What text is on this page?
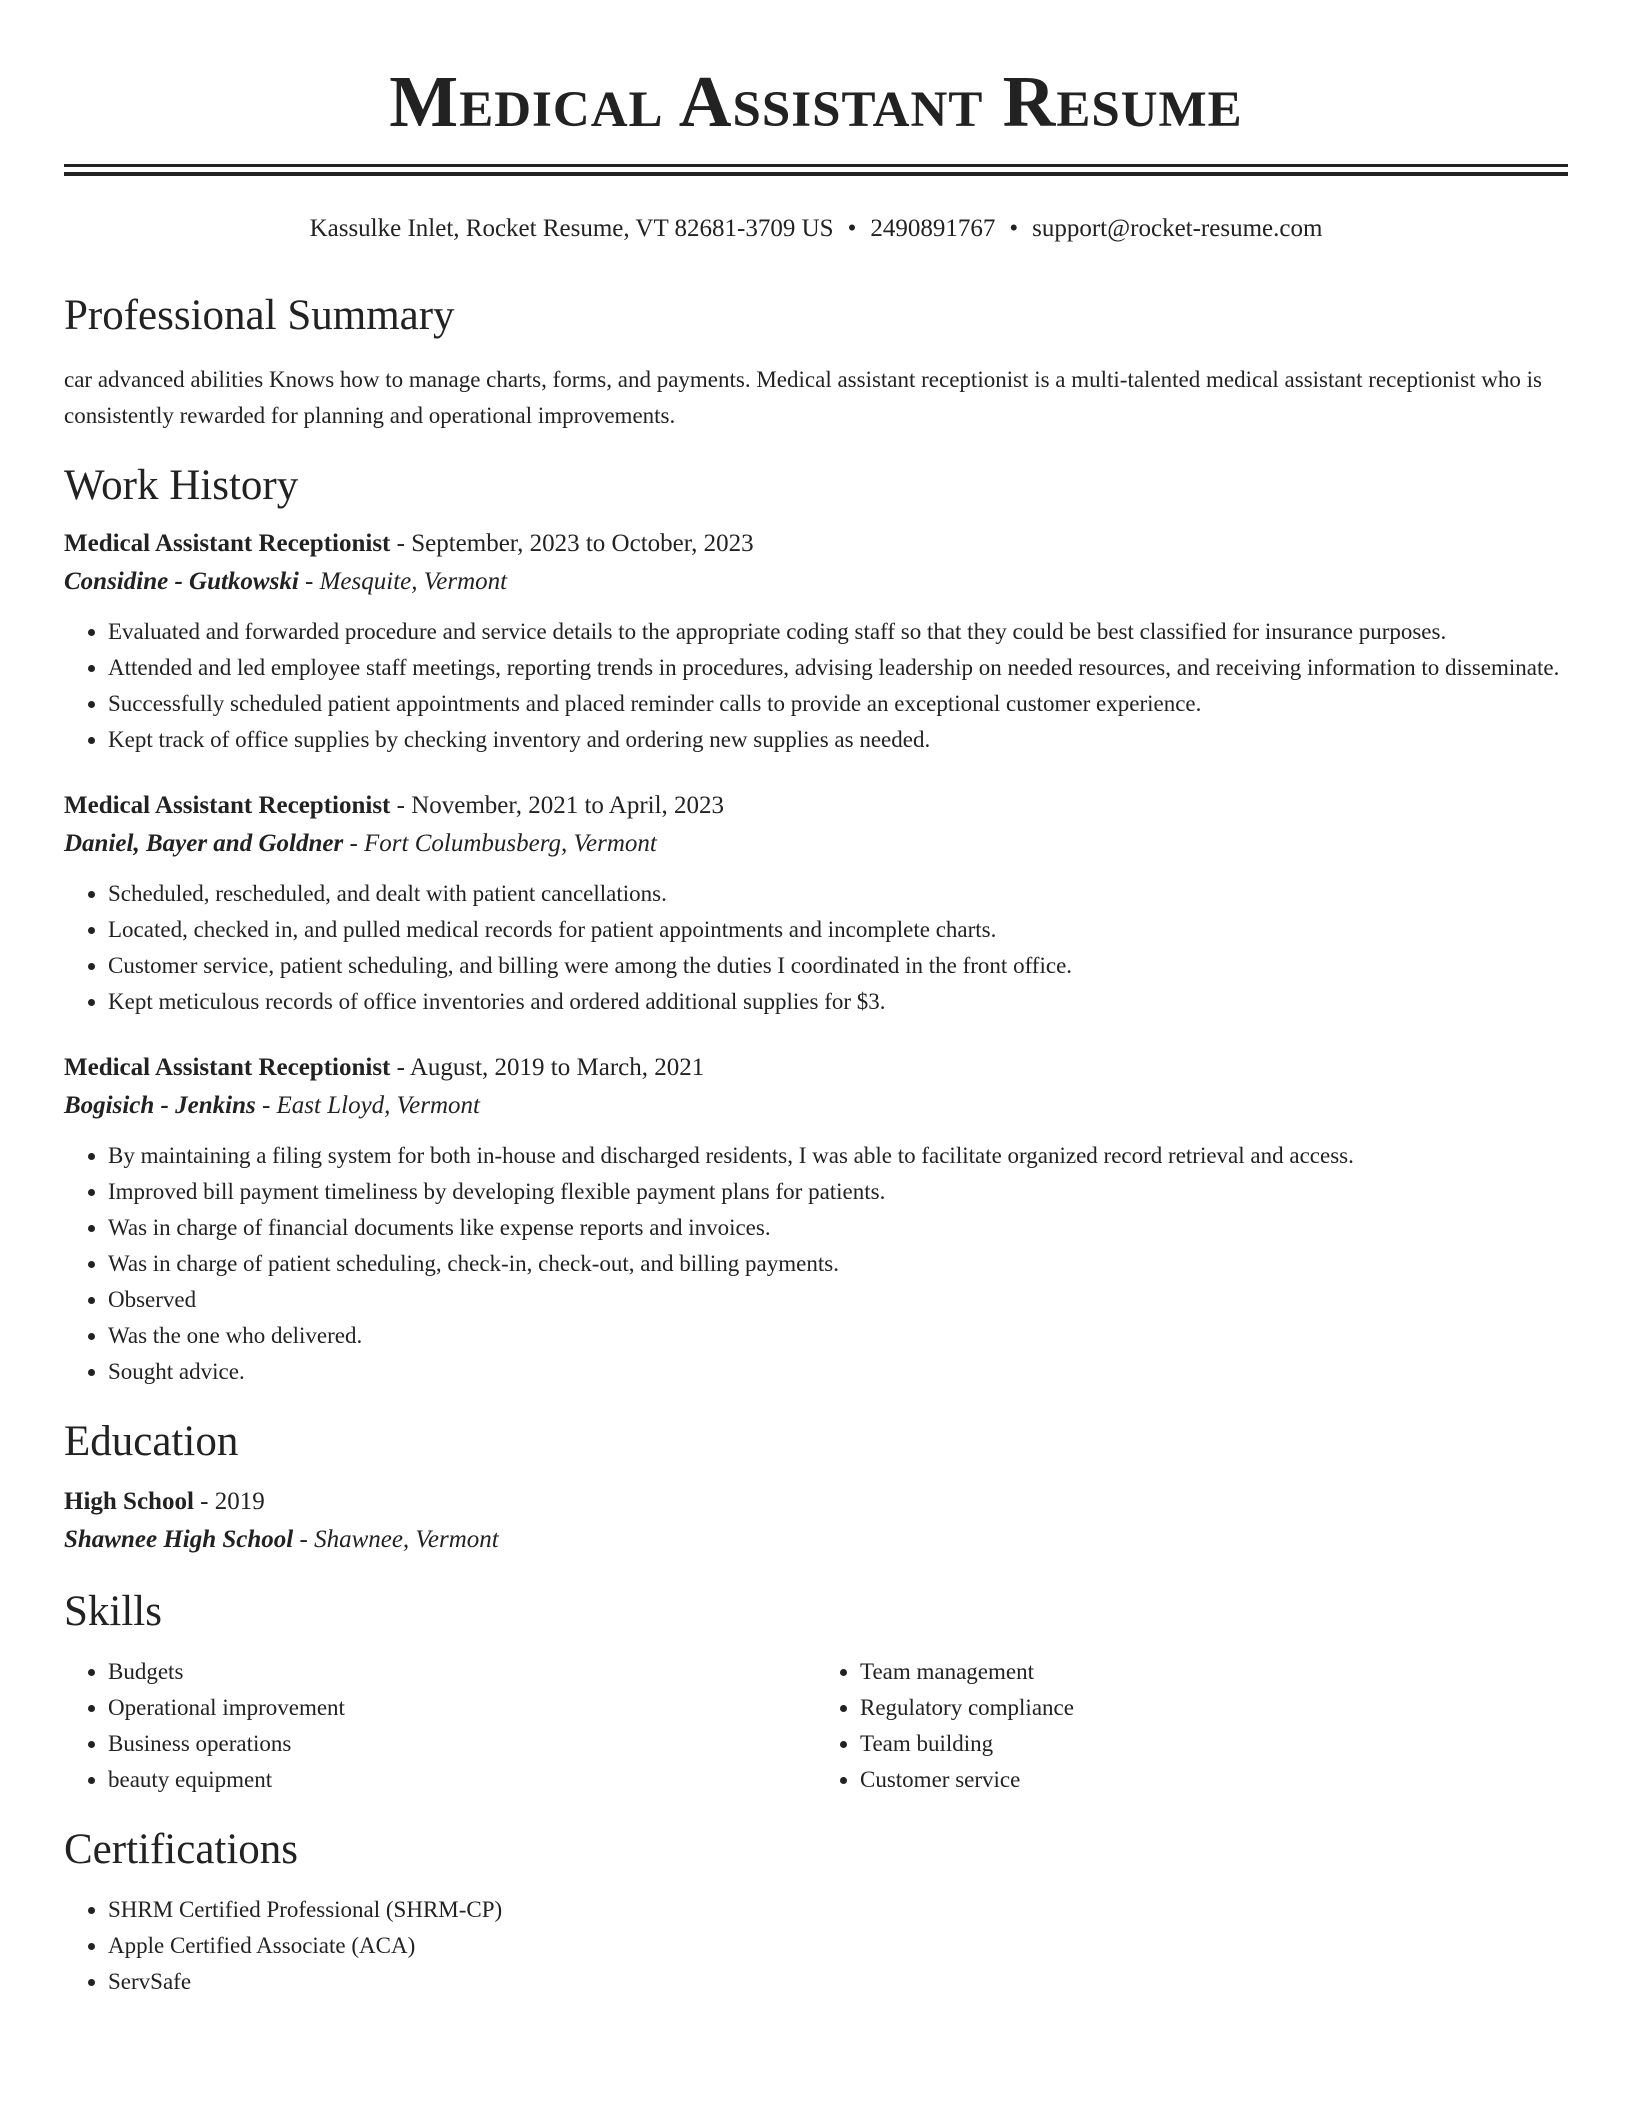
Medical Assistant Resume
Kassulke Inlet, Rocket Resume, VT 82681-3709 US • 2490891767 • support@rocket-resume.com
Professional Summary

car advanced abilities Knows how to manage charts, forms, and payments. Medical assistant receptionist is a multi-talented medical assistant receptionist who is consistently rewarded for planning and operational improvements.

Work History
Medical Assistant Receptionist - September, 2023 to October, 2023
Considine - Gutkowski - Mesquite, Vermont
• Evaluated and forwarded procedure and service details to the appropriate coding staff so that they could be best classified for insurance purposes.
• Attended and led employee staff meetings, reporting trends in procedures, advising leadership on needed resources, and receiving information to disseminate.
• Successfully scheduled patient appointments and placed reminder calls to provide an exceptional customer experience.
• Kept track of office supplies by checking inventory and ordering new supplies as needed.
Medical Assistant Receptionist - November, 2021 to April, 2023
Daniel, Bayer and Goldner - Fort Columbusberg, Vermont
• Scheduled, rescheduled, and dealt with patient cancellations.
• Located, checked in, and pulled medical records for patient appointments and incomplete charts.
• Customer service, patient scheduling, and billing were among the duties I coordinated in the front office.
• Kept meticulous records of office inventories and ordered additional supplies for $3.
Medical Assistant Receptionist - August, 2019 to March, 2021
Bogisich - Jenkins - East Lloyd, Vermont
• By maintaining a filing system for both in-house and discharged residents, I was able to facilitate organized record retrieval and access.
• Improved bill payment timeliness by developing flexible payment plans for patients.
• Was in charge of financial documents like expense reports and invoices.
• Was in charge of patient scheduling, check-in, check-out, and billing payments.
• Observed
• Was the one who delivered.
• Sought advice.
Education
High School - 2019
Shawnee High School - Shawnee, Vermont
Skills
• Budgets
• Operational improvement
• Business operations
• beauty equipment
• Team management
• Regulatory compliance
• Team building
• Customer service
Certifications
• SHRM Certified Professional (SHRM-CP)
• Apple Certified Associate (ACA)
• ServSafe
